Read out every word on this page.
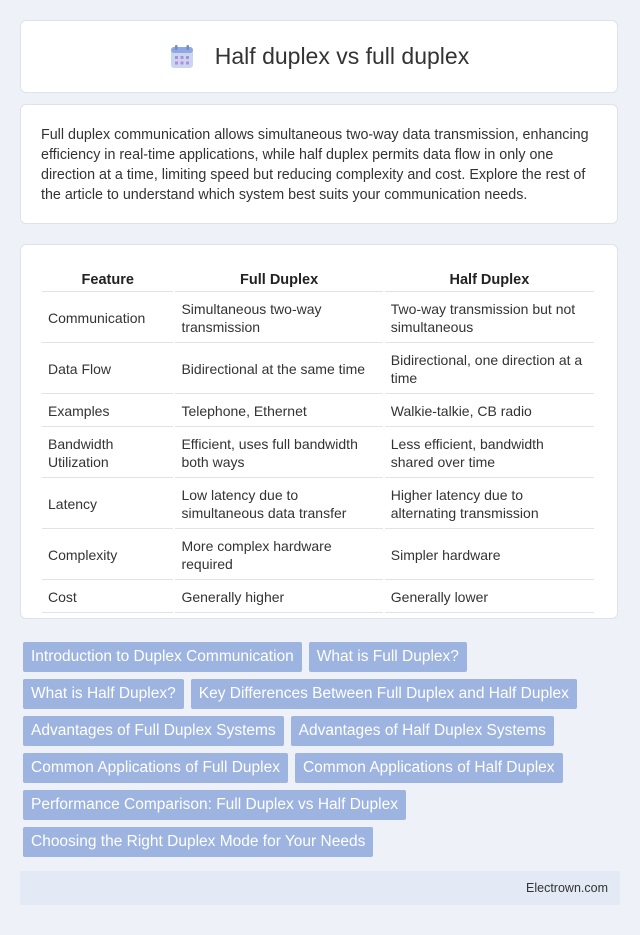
Half duplex vs full duplex

Full duplex communication allows simultaneous two-way data transmission, enhancing efficiency in real-time applications, while half duplex permits data flow in only one direction at a time, limiting speed but reducing complexity and cost. Explore the rest of the article to understand which system best suits your communication needs.

Feature	Full Duplex	Half Duplex
Communication	Simultaneous two-way transmission	Two-way transmission but not simultaneous
Data Flow	Bidirectional at the same time	Bidirectional, one direction at a time
Examples	Telephone, Ethernet	Walkie-talkie, CB radio
Bandwidth Utilization	Efficient, uses full bandwidth both ways	Less efficient, bandwidth shared over time
Latency	Low latency due to simultaneous data transfer	Higher latency due to alternating transmission
Complexity	More complex hardware required	Simpler hardware
Cost	Generally higher	Generally lower
Introduction to Duplex Communication	What is Full Duplex?
What is Half Duplex?	Key Differences Between Full Duplex and Half Duplex
Advantages of Full Duplex Systems	Advantages of Half Duplex Systems
Common Applications of Full Duplex	Common Applications of Half Duplex
Performance Comparison: Full Duplex vs Half Duplex
Choosing the Right Duplex Mode for Your Needs
Electrown.com
